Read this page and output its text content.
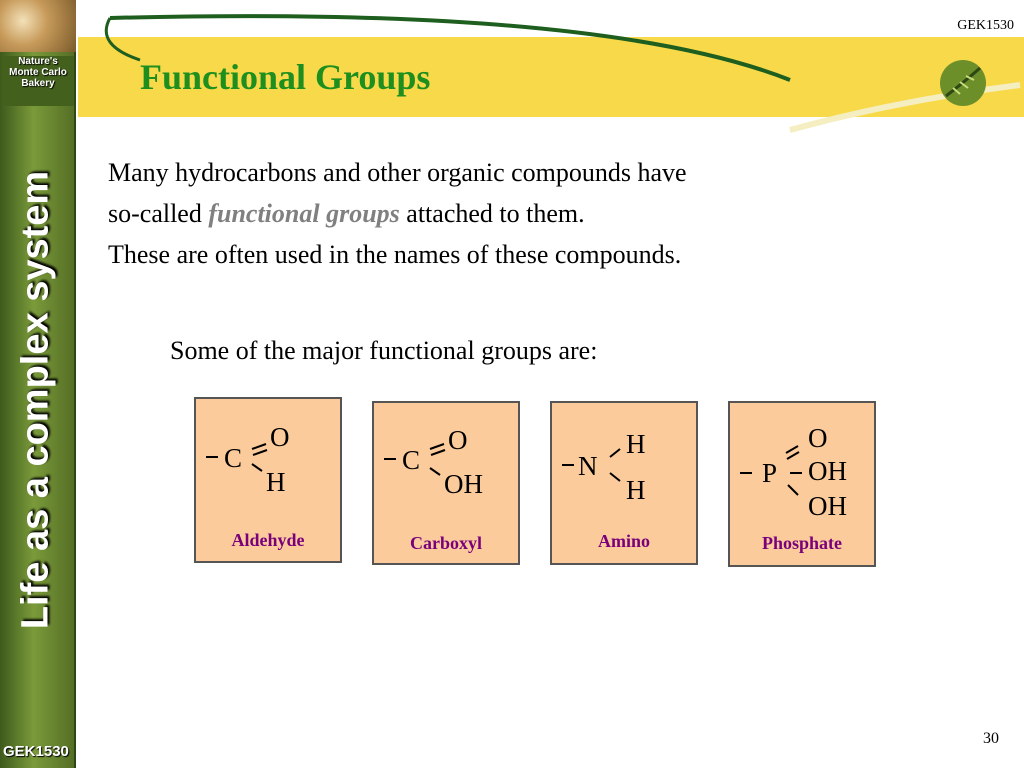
Nature's
Monte Carlo
Bakery
Life as a complex system
GEK1530
Functional Groups
GEK1530

Many hydrocarbons and other organic compounds have

so-called functional groups attached to them.

These are often used in the names of these compounds.

Some of the major functional groups are:

C
O
H
Aldehyde
C
O
OH
Carboxyl
N
H
H
Amino
P
O
OH
OH
Phosphate
30
